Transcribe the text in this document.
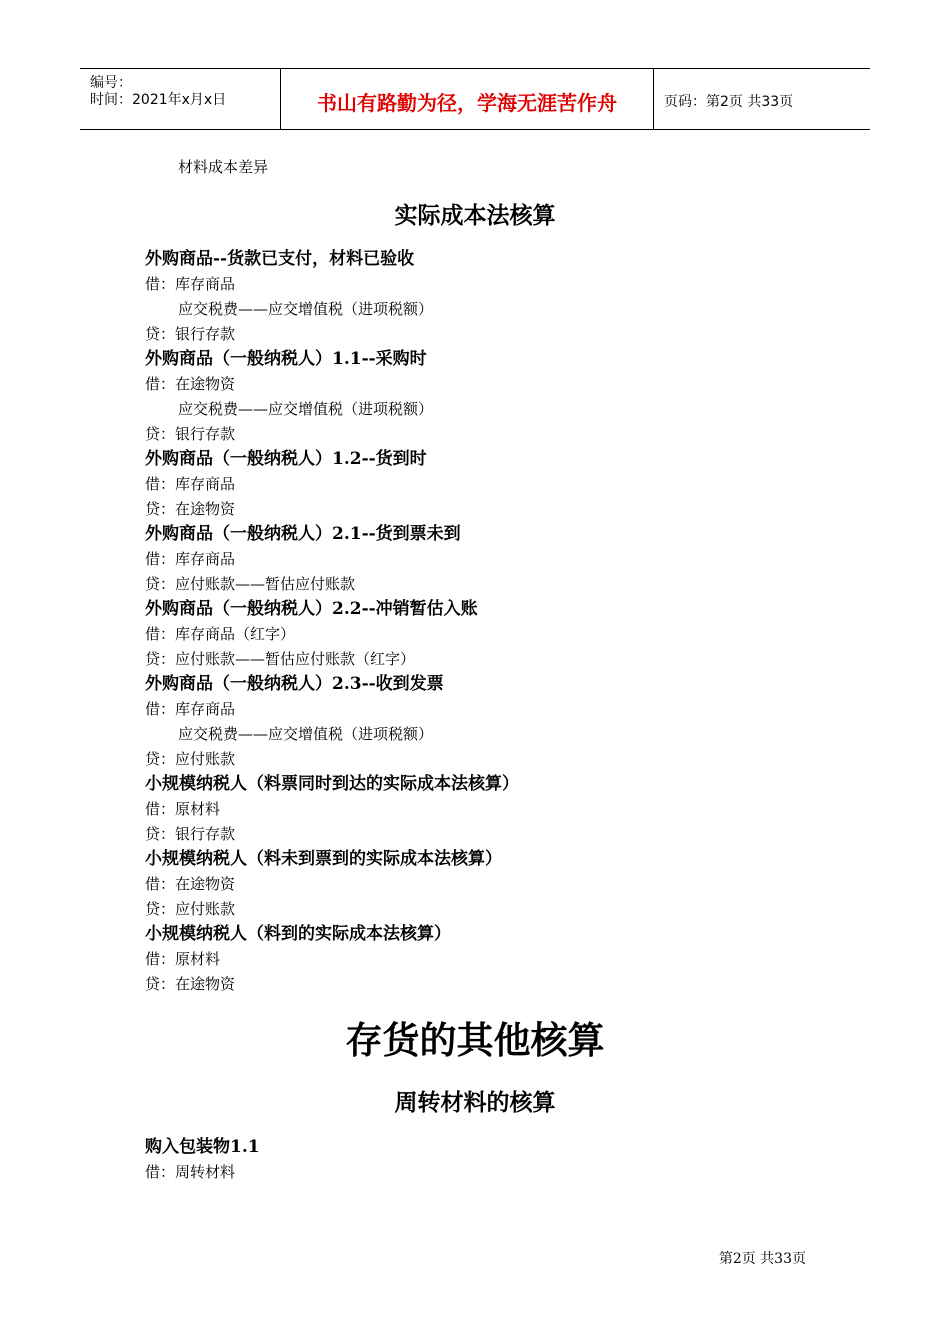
编号：
时间：2021年x月x日	书山有路勤为径，学海无涯苦作舟	页码：第2页 共33页
材料成本差异
实际成本法核算
外购商品--货款已支付，材料已验收
借：库存商品
应交税费——应交增值税（进项税额）
贷：银行存款
外购商品（一般纳税人）1.1--采购时
借：在途物资
应交税费——应交增值税（进项税额）
贷：银行存款
外购商品（一般纳税人）1.2--货到时
借：库存商品
贷：在途物资
外购商品（一般纳税人）2.1--货到票未到
借：库存商品
贷：应付账款——暂估应付账款
外购商品（一般纳税人）2.2--冲销暂估入账
借：库存商品（红字）
贷：应付账款——暂估应付账款（红字）
外购商品（一般纳税人）2.3--收到发票
借：库存商品
应交税费——应交增值税（进项税额）
贷：应付账款
小规模纳税人（料票同时到达的实际成本法核算）
借：原材料
贷：银行存款
小规模纳税人（料未到票到的实际成本法核算）
借：在途物资
贷：应付账款
小规模纳税人（料到的实际成本法核算）
借：原材料
贷：在途物资
存货的其他核算
周转材料的核算
购入包装物1.1
借：周转材料
第2页 共33页
